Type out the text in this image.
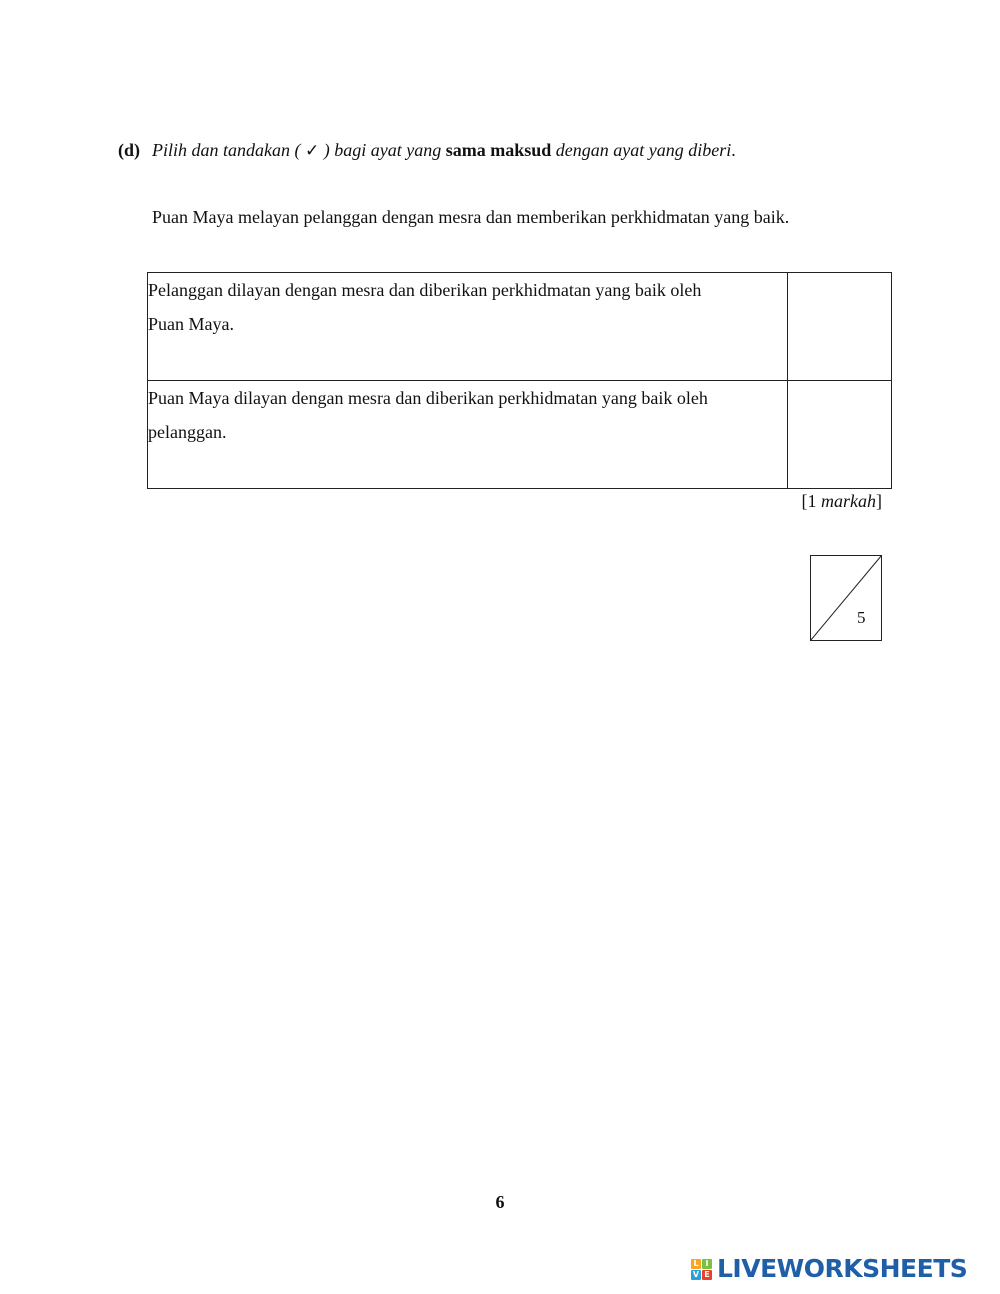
(d) Pilih dan tandakan ( ✓ ) bagi ayat yang sama maksud dengan ayat yang diberi.
Puan Maya melayan pelanggan dengan mesra dan memberikan perkhidmatan yang baik.
Pelanggan dilayan dengan mesra dan diberikan perkhidmatan yang baik oleh
Puan Maya.	
Puan Maya dilayan dengan mesra dan diberikan perkhidmatan yang baik oleh
pelanggan.	
[1 markah]
5
6
L I
V E LIVEWORKSHEETS
